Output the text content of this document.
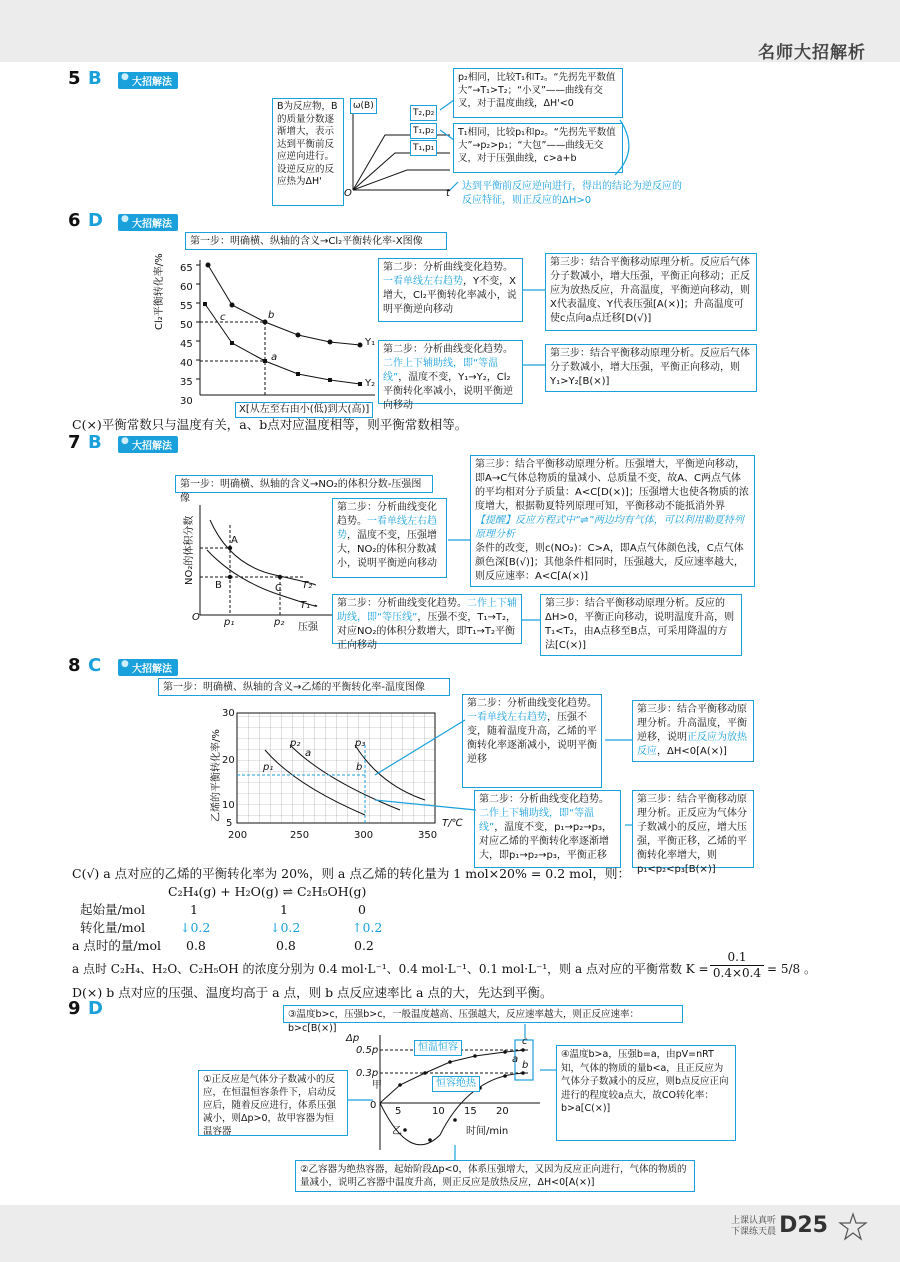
名师大招解析
5 B	● 大招解法
B为反应物，B的质量分数逐渐增大，表示达到平衡前反应逆向进行。设逆反应的反应热为ΔH'
ω(B)
O	t
T₂,p₂
T₁,p₂
T₁,p₁
p₂相同，比较T₁和T₂。“先拐先平数值大”→T₁>T₂；“小叉”——曲线有交叉，对于温度曲线，ΔH'<0
T₁相同，比较p₁和p₂。“先拐先平数值大”→p₂>p₁；“大包”——曲线无交叉，对于压强曲线，c>a+b
达到平衡前反应逆向进行，得出的结论为逆反应的反应特征，则正反应的ΔH>0
6 D	● 大招解法
第一步：明确横、纵轴的含义→Cl₂平衡转化率-X图像
65
60
55
50
45
40
35
30
Cl₂平衡转化率/%
Y₁
Y₂
c	b
a
X[从左至右由小(低)到大(高)]
第二步：分析曲线变化趋势。一看单线左右趋势，Y不变，X增大，Cl₂平衡转化率减小，说明平衡逆向移动
第二步：分析曲线变化趋势。二作上下辅助线，即“等温线”，温度不变，Y₁→Y₂，Cl₂平衡转化率减小，说明平衡逆向移动
第三步：结合平衡移动原理分析。反应后气体分子数减小，增大压强，平衡正向移动；正反应为放热反应，升高温度，平衡逆向移动，则X代表温度、Y代表压强[A(×)]；升高温度可使c点向a点迁移[D(√)]
第三步：结合平衡移动原理分析。反应后气体分子数减小，增大压强，平衡正向移动，则Y₁>Y₂[B(×)]
C(×)平衡常数只与温度有关，a、b点对应温度相等，则平衡常数相等。
7 B	● 大招解法
第一步：明确横、纵轴的含义→NO₂的体积分数-压强图像
NO₂的体积分数
O p₁	p₂ 压强
T₂
T₁
A
B	C
第二步：分析曲线变化趋势。一看单线左右趋势，温度不变，压强增大，NO₂的体积分数减小，说明平衡逆向移动
第二步：分析曲线变化趋势。二作上下辅助线，即“等压线”，压强不变，T₁→T₂，对应NO₂的体积分数增大，即T₁→T₂平衡正向移动
第三步：结合平衡移动原理分析。压强增大，平衡逆向移动，即A→C气体总物质的量减小、总质量不变，故A、C两点气体的平均相对分子质量：A<C[D(×)]；压强增大也使各物质的浓度增大，根据勒夏特列原理可知，平衡移动不能抵消外界
【提醒】反应方程式中“⇌”两边均有气体，可以利用勒夏特列原理分析
条件的改变，则c(NO₂)：C>A，即A点气体颜色浅，C点气体颜色深[B(√)]；其他条件相同时，压强越大，反应速率越大，则反应速率：A<C[A(×)]
第三步：结合平衡移动原理分析。反应的ΔH>0，平衡正向移动，说明温度升高，则T₁<T₂，由A点移至B点，可采用降温的方法[C(×)]
8 C	● 大招解法
第一步：明确横、纵轴的含义→乙烯的平衡转化率-温度图像
30
20
10
5
200	250	300	350
T/℃
乙烯的平衡转化率/%	p₁
p₂	p₃
a
b
第二步：分析曲线变化趋势。一看单线左右趋势，压强不变，随着温度升高，乙烯的平衡转化率逐渐减小，说明平衡逆移
第二步：分析曲线变化趋势。二作上下辅助线，即“等温线”，温度不变，p₁→p₂→p₃，对应乙烯的平衡转化率逐渐增大，即p₁→p₂→p₃，平衡正移
第三步：结合平衡移动原理分析。升高温度，平衡逆移，说明正反应为放热反应，ΔH<0[A(×)]
第三步：结合平衡移动原理分析。正反应为气体分子数减小的反应，增大压强，平衡正移，乙烯的平衡转化率增大，则p₁<p₂<p₃[B(×)]
C(√) a 点对应的乙烯的平衡转化率为 20%，则 a 点乙烯的转化量为 1 mol×20% = 0.2 mol，则：
C₂H₄(g) + H₂O(g) ⇌ C₂H₅OH(g)
起始量/mol	1	1	0
转化量/mol	↓0.2	↓0.2	↑0.2
a 点时的量/mol	0.8	0.8	0.2
a 点时 C₂H₄、H₂O、C₂H₅OH 的浓度分别为 0.4 mol·L⁻¹、0.4 mol·L⁻¹、0.1 mol·L⁻¹，则 a 点对应的平衡常数 K =
0.1
0.4×0.4 = 5/8 。
D(×) b 点对应的压强、温度均高于 a 点，则 b 点反应速率比 a 点的大，先达到平衡。
9 D	③温度b>c，压强b>c，一般温度越高、压强越大，反应速率越大，则正反应速率：b>c[B(×)]
Δp
0.5p
0.3p
0
5	10 15 20
时间/min
甲
乙
c
a
b
恒温恒容
恒容绝热
①正反应是气体分子数减小的反应，在恒温恒容条件下，启动反应后，随着反应进行，体系压强减小，则Δp>0，故甲容器为恒温容器
④温度b>a，压强b=a，由pV=nRT知，气体的物质的量b<a，且正反应为气体分子数减小的反应，则b点反应正向进行的程度较a点大，故CO转化率：b>a[C(×)]
②乙容器为绝热容器，起始阶段Δp<0，体系压强增大，又因为反应正向进行，气体的物质的量减小，说明乙容器中温度升高，则正反应是放热反应，ΔH<0[A(×)]
上课认真听
下课练天晨 D25
